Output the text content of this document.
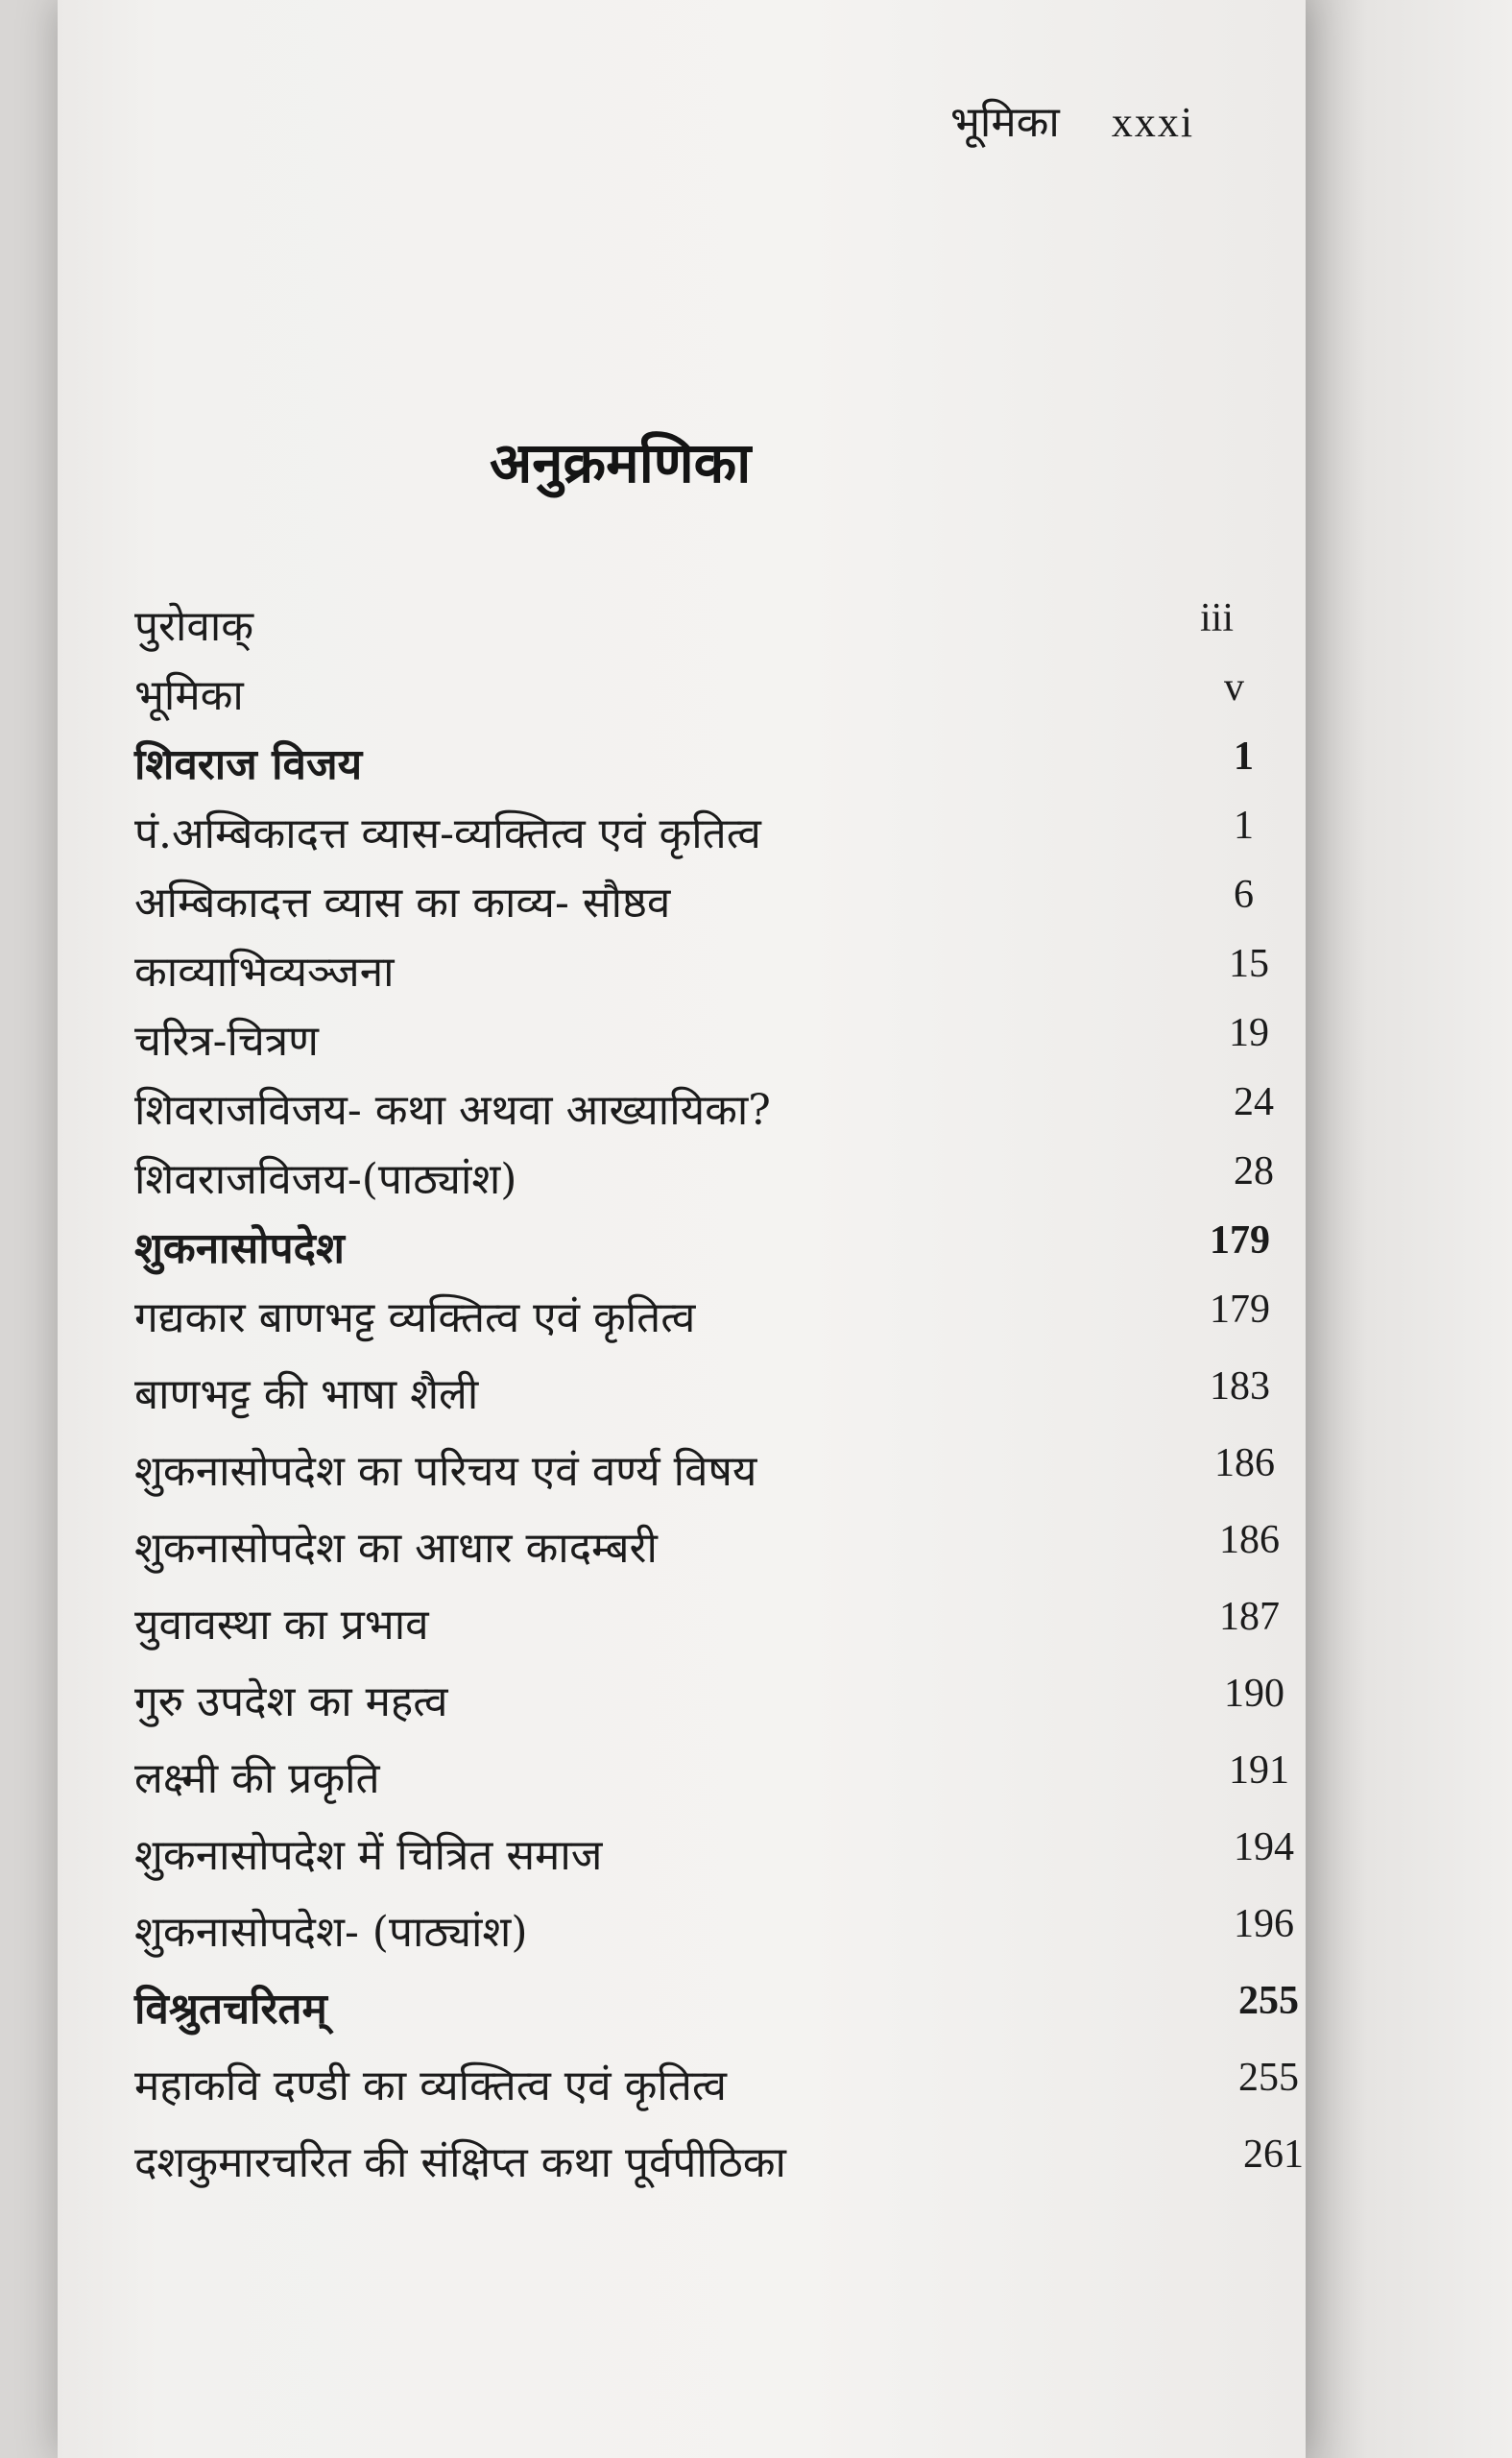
भूमिका xxxi
अनुक्रमणिका
पुरोवाक्	iii
भूमिका	v
शिवराज विजय	1
पं.अम्बिकादत्त व्यास-व्यक्तित्व एवं कृतित्व	1
अम्बिकादत्त व्यास का काव्य- सौष्ठव	6
काव्याभिव्यञ्जना	15
चरित्र-चित्रण	19
शिवराजविजय- कथा अथवा आख्यायिका?	24
शिवराजविजय-(पाठ्यांश)	28
शुकनासोपदेश	179
गद्यकार बाणभट्ट व्यक्तित्व एवं कृतित्व	179
बाणभट्ट की भाषा शैली	183
शुकनासोपदेश का परिचय एवं वर्ण्य विषय	186
शुकनासोपदेश का आधार कादम्बरी	186
युवावस्था का प्रभाव	187
गुरु उपदेश का महत्व	190
लक्ष्मी की प्रकृति	191
शुकनासोपदेश में चित्रित समाज	194
शुकनासोपदेश- (पाठ्यांश)	196
विश्रुतचरितम्	255
महाकवि दण्डी का व्यक्तित्व एवं कृतित्व	255
दशकुमारचरित की संक्षिप्त कथा पूर्वपीठिका	261
